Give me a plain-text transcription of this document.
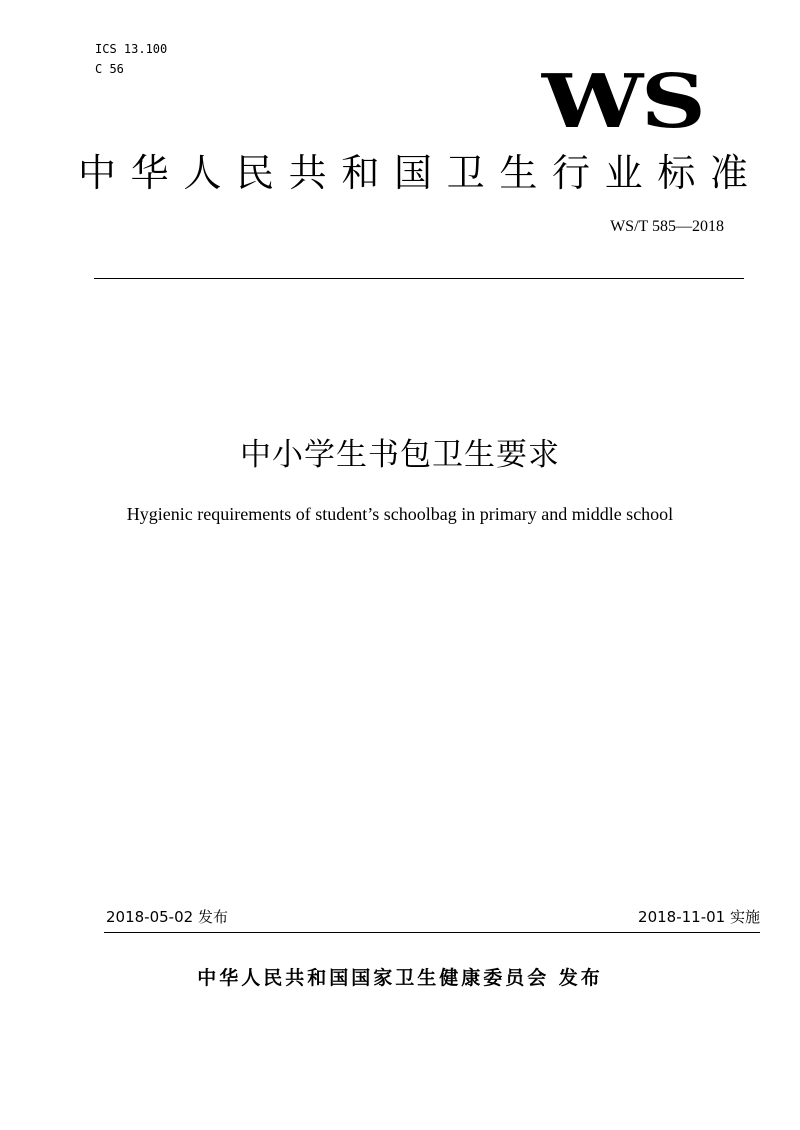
ICS 13.100
C 56	WS
中华人民共和国卫生行业标准
WS/T 585—2018
中小学生书包卫生要求
Hygienic requirements of student’s schoolbag in primary and middle school
2018-05-02 发布	2018-11-01 实施
中华人民共和国国家卫生健康委员会 发布
